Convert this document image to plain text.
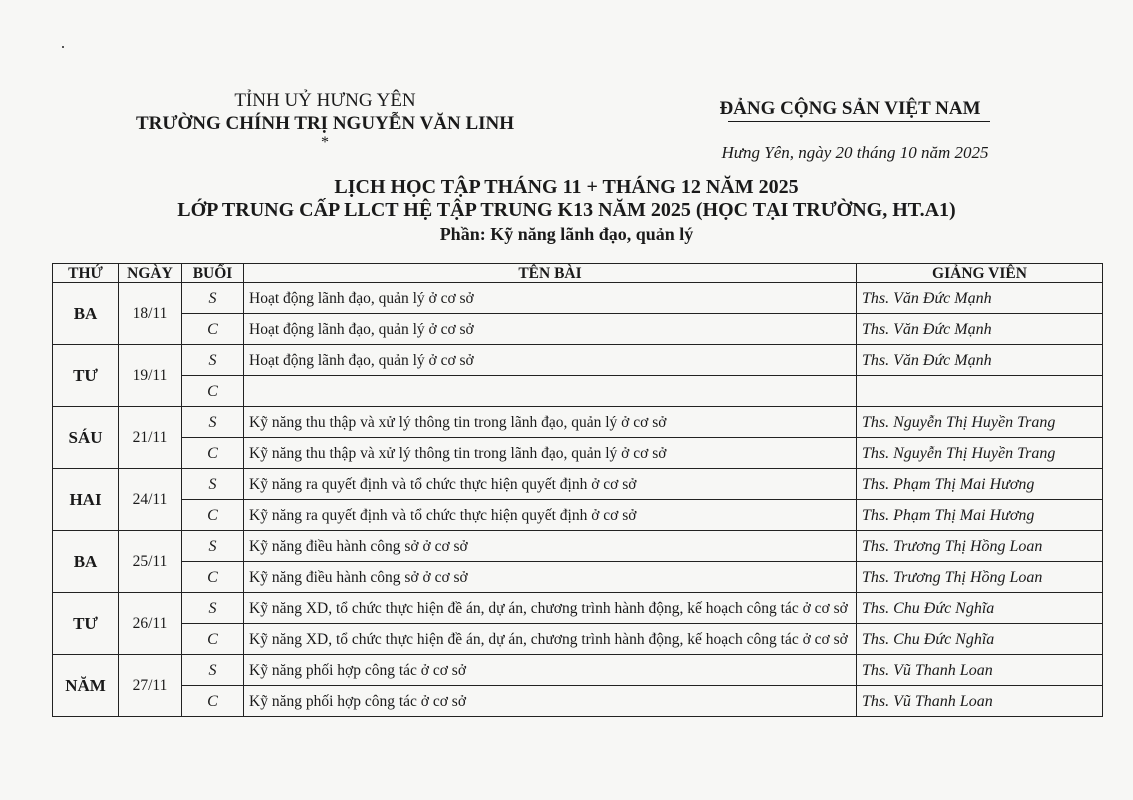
TỈNH UỶ HƯNG YÊN
TRƯỜNG CHÍNH TRỊ NGUYỄN VĂN LINH
*
ĐẢNG CỘNG SẢN VIỆT NAM
Hưng Yên, ngày 20 tháng 10 năm 2025
LỊCH HỌC TẬP THÁNG 11 + THÁNG 12 NĂM 2025
LỚP TRUNG CẤP LLCT HỆ TẬP TRUNG K13 NĂM 2025 (HỌC TẠI TRƯỜNG, HT.A1)
Phần: Kỹ năng lãnh đạo, quản lý
THỨ	NGÀY	BUỔI	TÊN BÀI	GIẢNG VIÊN
BA	18/11	S	Hoạt động lãnh đạo, quản lý ở cơ sở	Ths. Văn Đức Mạnh
		C	Hoạt động lãnh đạo, quản lý ở cơ sở	Ths. Văn Đức Mạnh
TƯ	19/11	S	Hoạt động lãnh đạo, quản lý ở cơ sở	Ths. Văn Đức Mạnh
		C		
SÁU	21/11	S	Kỹ năng thu thập và xử lý thông tin trong lãnh đạo, quản lý ở cơ sở	Ths. Nguyễn Thị Huyền Trang
		C	Kỹ năng thu thập và xử lý thông tin trong lãnh đạo, quản lý ở cơ sở	Ths. Nguyễn Thị Huyền Trang
HAI	24/11	S	Kỹ năng ra quyết định và tổ chức thực hiện quyết định ở cơ sở	Ths. Phạm Thị Mai Hương
		C	Kỹ năng ra quyết định và tổ chức thực hiện quyết định ở cơ sở	Ths. Phạm Thị Mai Hương
BA	25/11	S	Kỹ năng điều hành công sở ở cơ sở	Ths. Trương Thị Hồng Loan
		C	Kỹ năng điều hành công sở ở cơ sở	Ths. Trương Thị Hồng Loan
TƯ	26/11	S	Kỹ năng XD, tổ chức thực hiện đề án, dự án, chương trình hành động, kế hoạch công tác ở cơ sở	Ths. Chu Đức Nghĩa
		C	Kỹ năng XD, tổ chức thực hiện đề án, dự án, chương trình hành động, kế hoạch công tác ở cơ sở	Ths. Chu Đức Nghĩa
NĂM	27/11	S	Kỹ năng phối hợp công tác ở cơ sở	Ths. Vũ Thanh Loan
		C	Kỹ năng phối hợp công tác ở cơ sở	Ths. Vũ Thanh Loan
